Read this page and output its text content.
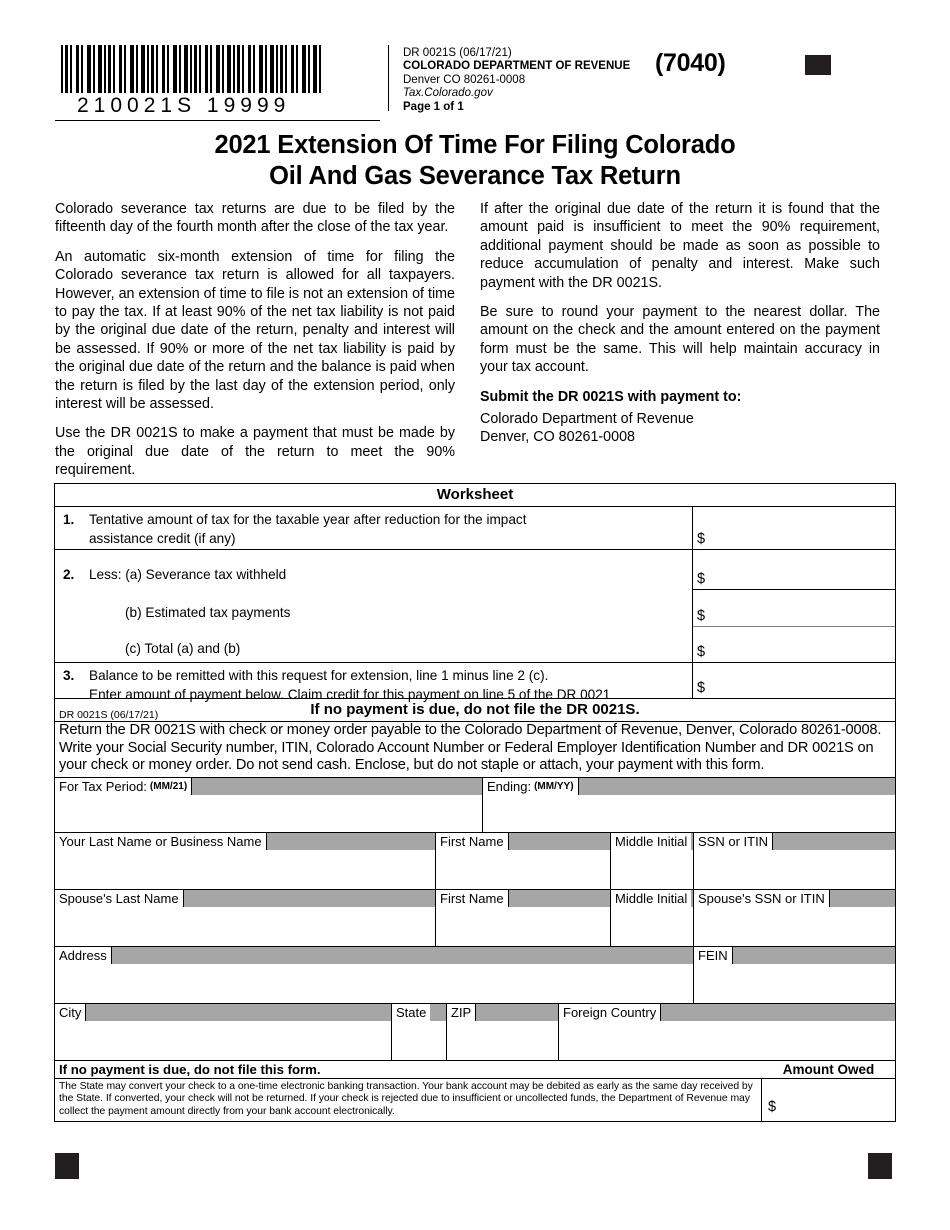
210021S 19999
DR 0021S (06/17/21)
COLORADO DEPARTMENT OF REVENUE
Denver CO 80261-0008
Tax.Colorado.gov
Page 1 of 1
(7040)
2021 Extension Of Time For Filing Colorado
Oil And Gas Severance Tax Return

Colorado severance tax returns are due to be filed by the fifteenth day of the fourth month after the close of the tax year.

An automatic six-month extension of time for filing the Colorado severance tax return is allowed for all taxpayers. However, an extension of time to file is not an extension of time to pay the tax. If at least 90% of the net tax liability is not paid by the original due date of the return, penalty and interest will be assessed. If 90% or more of the net tax liability is paid by the original due date of the return and the balance is paid when the return is filed by the last day of the extension period, only interest will be assessed.

Use the DR 0021S to make a payment that must be made by the original due date of the return to meet the 90% requirement.

If after the original due date of the return it is found that the amount paid is insufficient to meet the 90% requirement, additional payment should be made as soon as possible to reduce accumulation of penalty and interest. Make such payment with the DR 0021S.

Be sure to round your payment to the nearest dollar. The amount on the check and the amount entered on the payment form must be the same. This will help maintain accuracy in your tax account.

Submit the DR 0021S with payment to:

Colorado Department of Revenue

Denver, CO 80261-0008

Worksheet
1. Tentative amount of tax for the taxable year after reduction for the impact
assistance credit (if any)	$
2. Less: (a) Severance tax withheld	$
(b) Estimated tax payments	$
(c) Total (a) and (b)	$
3. Balance to be remitted with this request for extension, line 1 minus line 2 (c).
Enter amount of payment below. Claim credit for this payment on line 5 of the DR 0021	$
If no payment is due, do not file the DR 0021S.
DR 0021S (06/17/21)
Return the DR 0021S with check or money order payable to the Colorado Department of Revenue, Denver, Colorado 80261-0008. Write your Social Security number, ITIN, Colorado Account Number or Federal Employer Identification Number and DR 0021S on your check or money order. Do not send cash. Enclose, but do not staple or attach, your payment with this form.
For Tax Period: (MM/21)	Ending: (MM/YY)
Your Last Name or Business Name	First Name	Middle Initial SSN or ITIN
Spouse's Last Name	First Name	Middle Initial Spouse's SSN or ITIN
Address	FEIN
City	State	ZIP	Foreign Country
If no payment is due, do not file this form.	Amount Owed
The State may convert your check to a one-time electronic banking transaction. Your bank account may be debited as early as the same day received by the State. If converted, your check will not be returned. If your check is rejected due to insufficient or uncollected funds, the Department of Revenue may collect the payment amount directly from your bank account electronically.	$
